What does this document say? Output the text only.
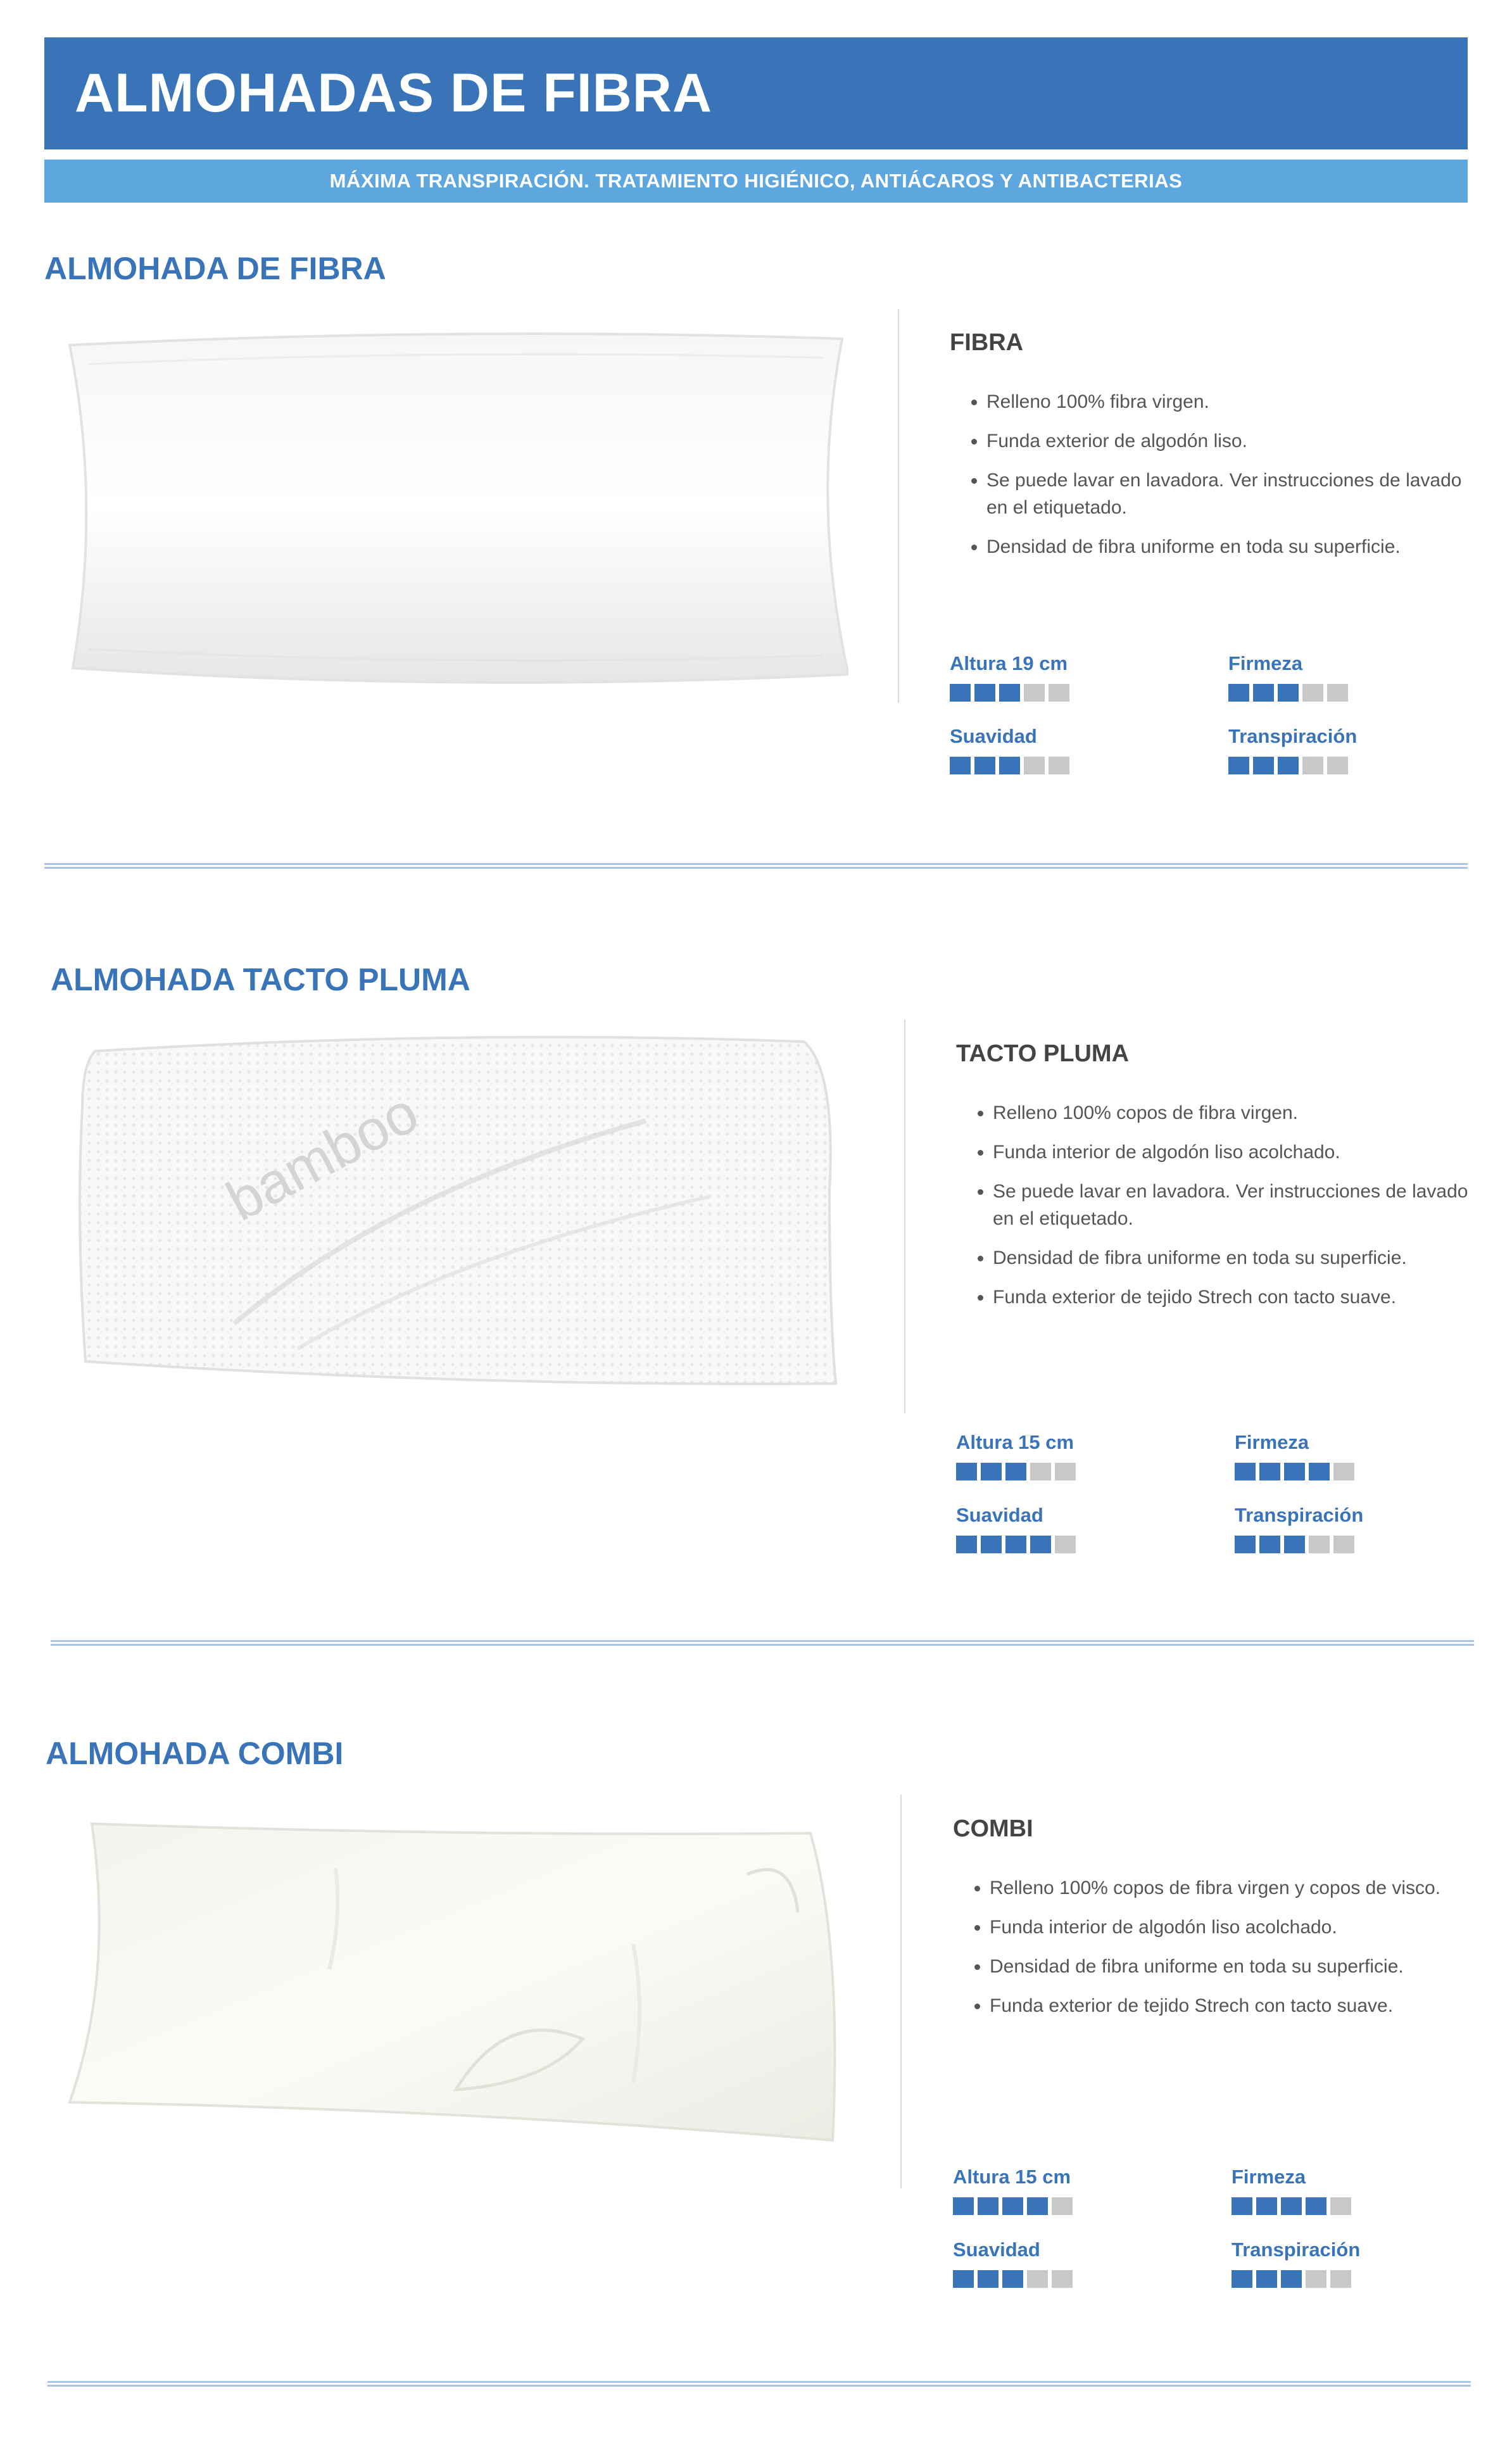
ALMOHADAS DE FIBRA
MÁXIMA TRANSPIRACIÓN. TRATAMIENTO HIGIÉNICO, ANTIÁCAROS Y ANTIBACTERIAS
ALMOHADA DE FIBRA
FIBRA
• Relleno 100% fibra virgen.
• Funda exterior de algodón liso.
• Se puede lavar en lavadora. Ver instrucciones de lavado en el etiquetado.
• Densidad de fibra uniforme en toda su superficie.
Altura 19 cm	Firmeza
Suavidad	Transpiración
ALMOHADA TACTO PLUMA
bamboo
TACTO PLUMA
• Relleno 100% copos de fibra virgen.
• Funda interior de algodón liso acolchado.
• Se puede lavar en lavadora. Ver instrucciones de lavado en el etiquetado.
• Densidad de fibra uniforme en toda su superficie.
• Funda exterior de tejido Strech con tacto suave.
Altura 15 cm	Firmeza
Suavidad	Transpiración
ALMOHADA COMBI
COMBI
• Relleno 100% copos de fibra virgen y copos de visco.
• Funda interior de algodón liso acolchado.
• Densidad de fibra uniforme en toda su superficie.
• Funda exterior de tejido Strech con tacto suave.
Altura 15 cm	Firmeza
Suavidad	Transpiración
